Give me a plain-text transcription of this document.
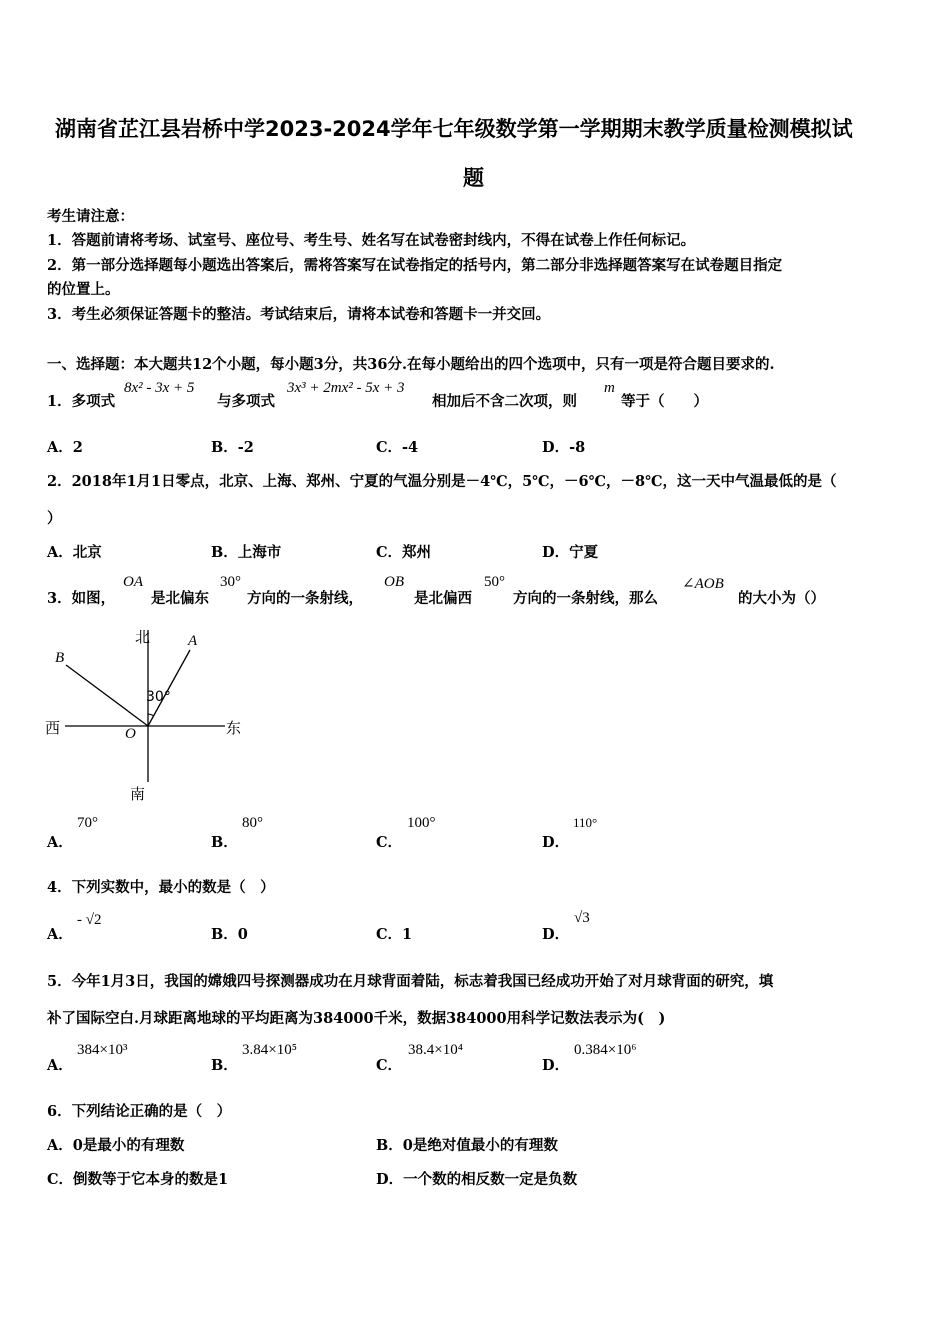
湖南省芷江县岩桥中学2023-2024学年七年级数学第一学期期末教学质量检测模拟试
题
考生请注意：
1．答题前请将考场、试室号、座位号、考生号、姓名写在试卷密封线内，不得在试卷上作任何标记。
2．第一部分选择题每小题选出答案后，需将答案写在试卷指定的括号内，第二部分非选择题答案写在试卷题目指定
的位置上。
3．考生必须保证答题卡的整洁。考试结束后，请将本试卷和答题卡一并交回。
一、选择题：本大题共12个小题，每小题3分，共36分.在每小题给出的四个选项中，只有一项是符合题目要求的.
1．多项式
8x² - 3x + 5
与多项式
3x³ + 2mx² - 5x + 3
相加后不含二次项，则
m
等于（　　）
A．2	B．-2	C．-4	D．-8
2．2018年1月1日零点，北京、上海、郑州、宁夏的气温分别是－4℃，5℃，－6℃，－8℃，这一天中气温最低的是（
）
A．北京	B．上海市	C．郑州	D．宁夏
3．如图，
OA
是北偏东
30°
方向的一条射线，
OB
是北偏西
50°
方向的一条射线，那么
∠AOB
的大小为（）
北
南
西	东
A
B
O
30°
A．
70°
B．
80°
C．
100°
D．
110°
4．下列实数中，最小的数是（　）
A．
- √2
B．0	C．1	D．
√3
5．今年1月3日，我国的嫦娥四号探测器成功在月球背面着陆，标志着我国已经成功开始了对月球背面的研究，填
补了国际空白.月球距离地球的平均距离为384000千米，数据384000用科学记数法表示为(　)
A．
384×10³
B．
3.84×10⁵
C．
38.4×10⁴
D．
0.384×10⁶
6．下列结论正确的是（　）
A．0是最小的有理数	B．0是绝对值最小的有理数
C．倒数等于它本身的数是1	D．一个数的相反数一定是负数
